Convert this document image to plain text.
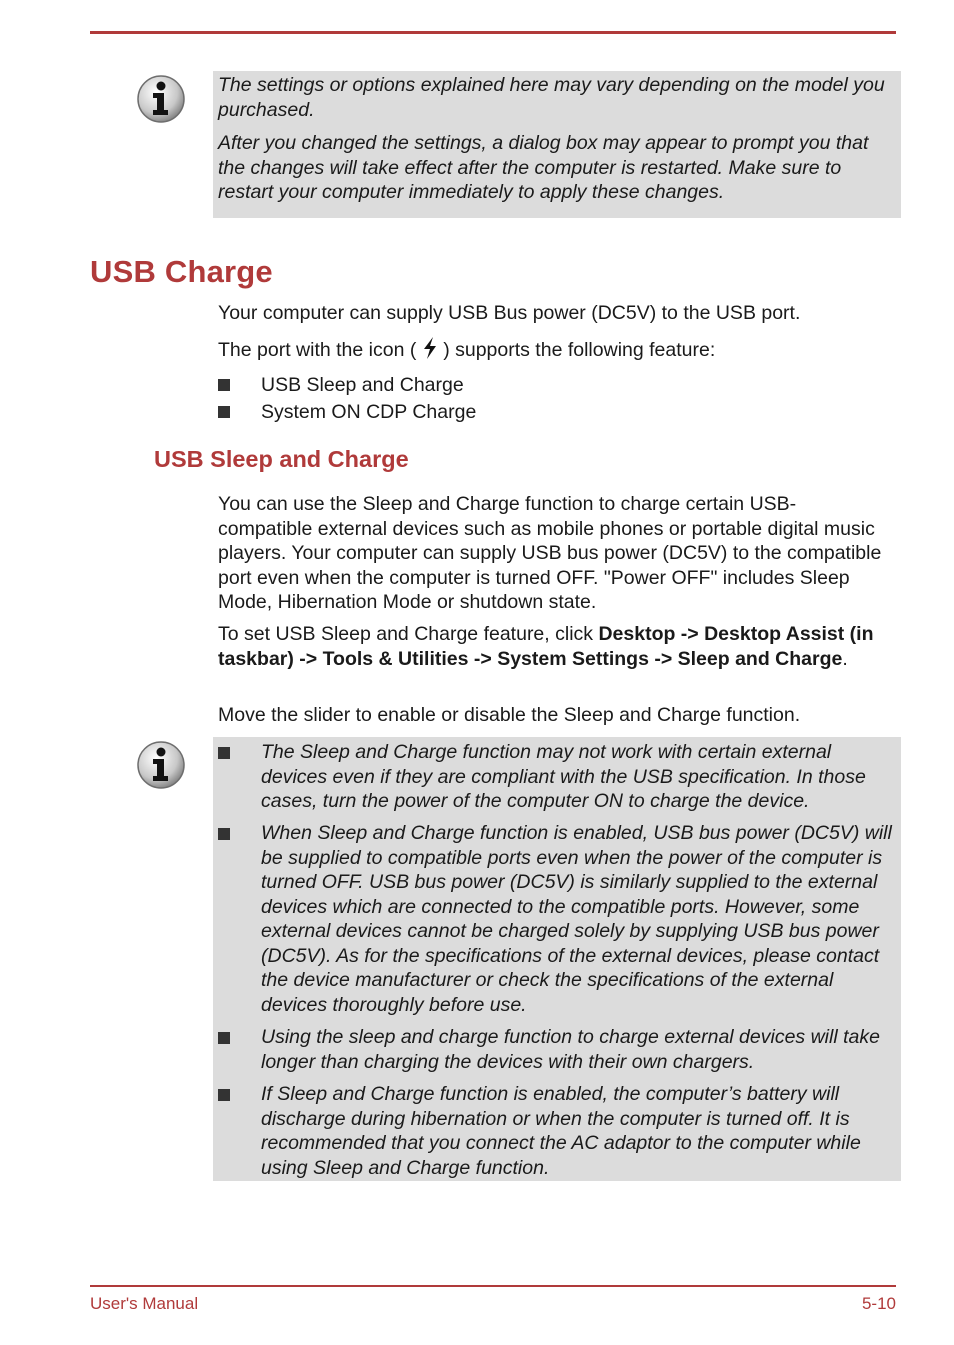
The settings or options explained here may vary depending on the model you purchased.

After you changed the settings, a dialog box may appear to prompt you that the changes will take effect after the computer is restarted. Make sure to restart your computer immediately to apply these changes.

USB Charge

Your computer can supply USB Bus power (DC5V) to the USB port.

The port with the icon ( ) supports the following feature:

USB Sleep and Charge

System ON CDP Charge

USB Sleep and Charge

You can use the Sleep and Charge function to charge certain USB-compatible external devices such as mobile phones or portable digital music players. Your computer can supply USB bus power (DC5V) to the compatible port even when the computer is turned OFF. "Power OFF" includes Sleep Mode, Hibernation Mode or shutdown state.

To set USB Sleep and Charge feature, click Desktop -> Desktop Assist (in taskbar) -> Tools & Utilities -> System Settings -> Sleep and Charge.

Move the slider to enable or disable the Sleep and Charge function.

The Sleep and Charge function may not work with certain external devices even if they are compliant with the USB specification. In those cases, turn the power of the computer ON to charge the device.

When Sleep and Charge function is enabled, USB bus power (DC5V) will be supplied to compatible ports even when the power of the computer is turned OFF. USB bus power (DC5V) is similarly supplied to the external devices which are connected to the compatible ports. However, some external devices cannot be charged solely by supplying USB bus power (DC5V). As for the specifications of the external devices, please contact the device manufacturer or check the specifications of the external devices thoroughly before use.

Using the sleep and charge function to charge external devices will take longer than charging the devices with their own chargers.

If Sleep and Charge function is enabled, the computer’s battery will discharge during hibernation or when the computer is turned off. It is recommended that you connect the AC adaptor to the computer while using Sleep and Charge function.

User's Manual	5-10
